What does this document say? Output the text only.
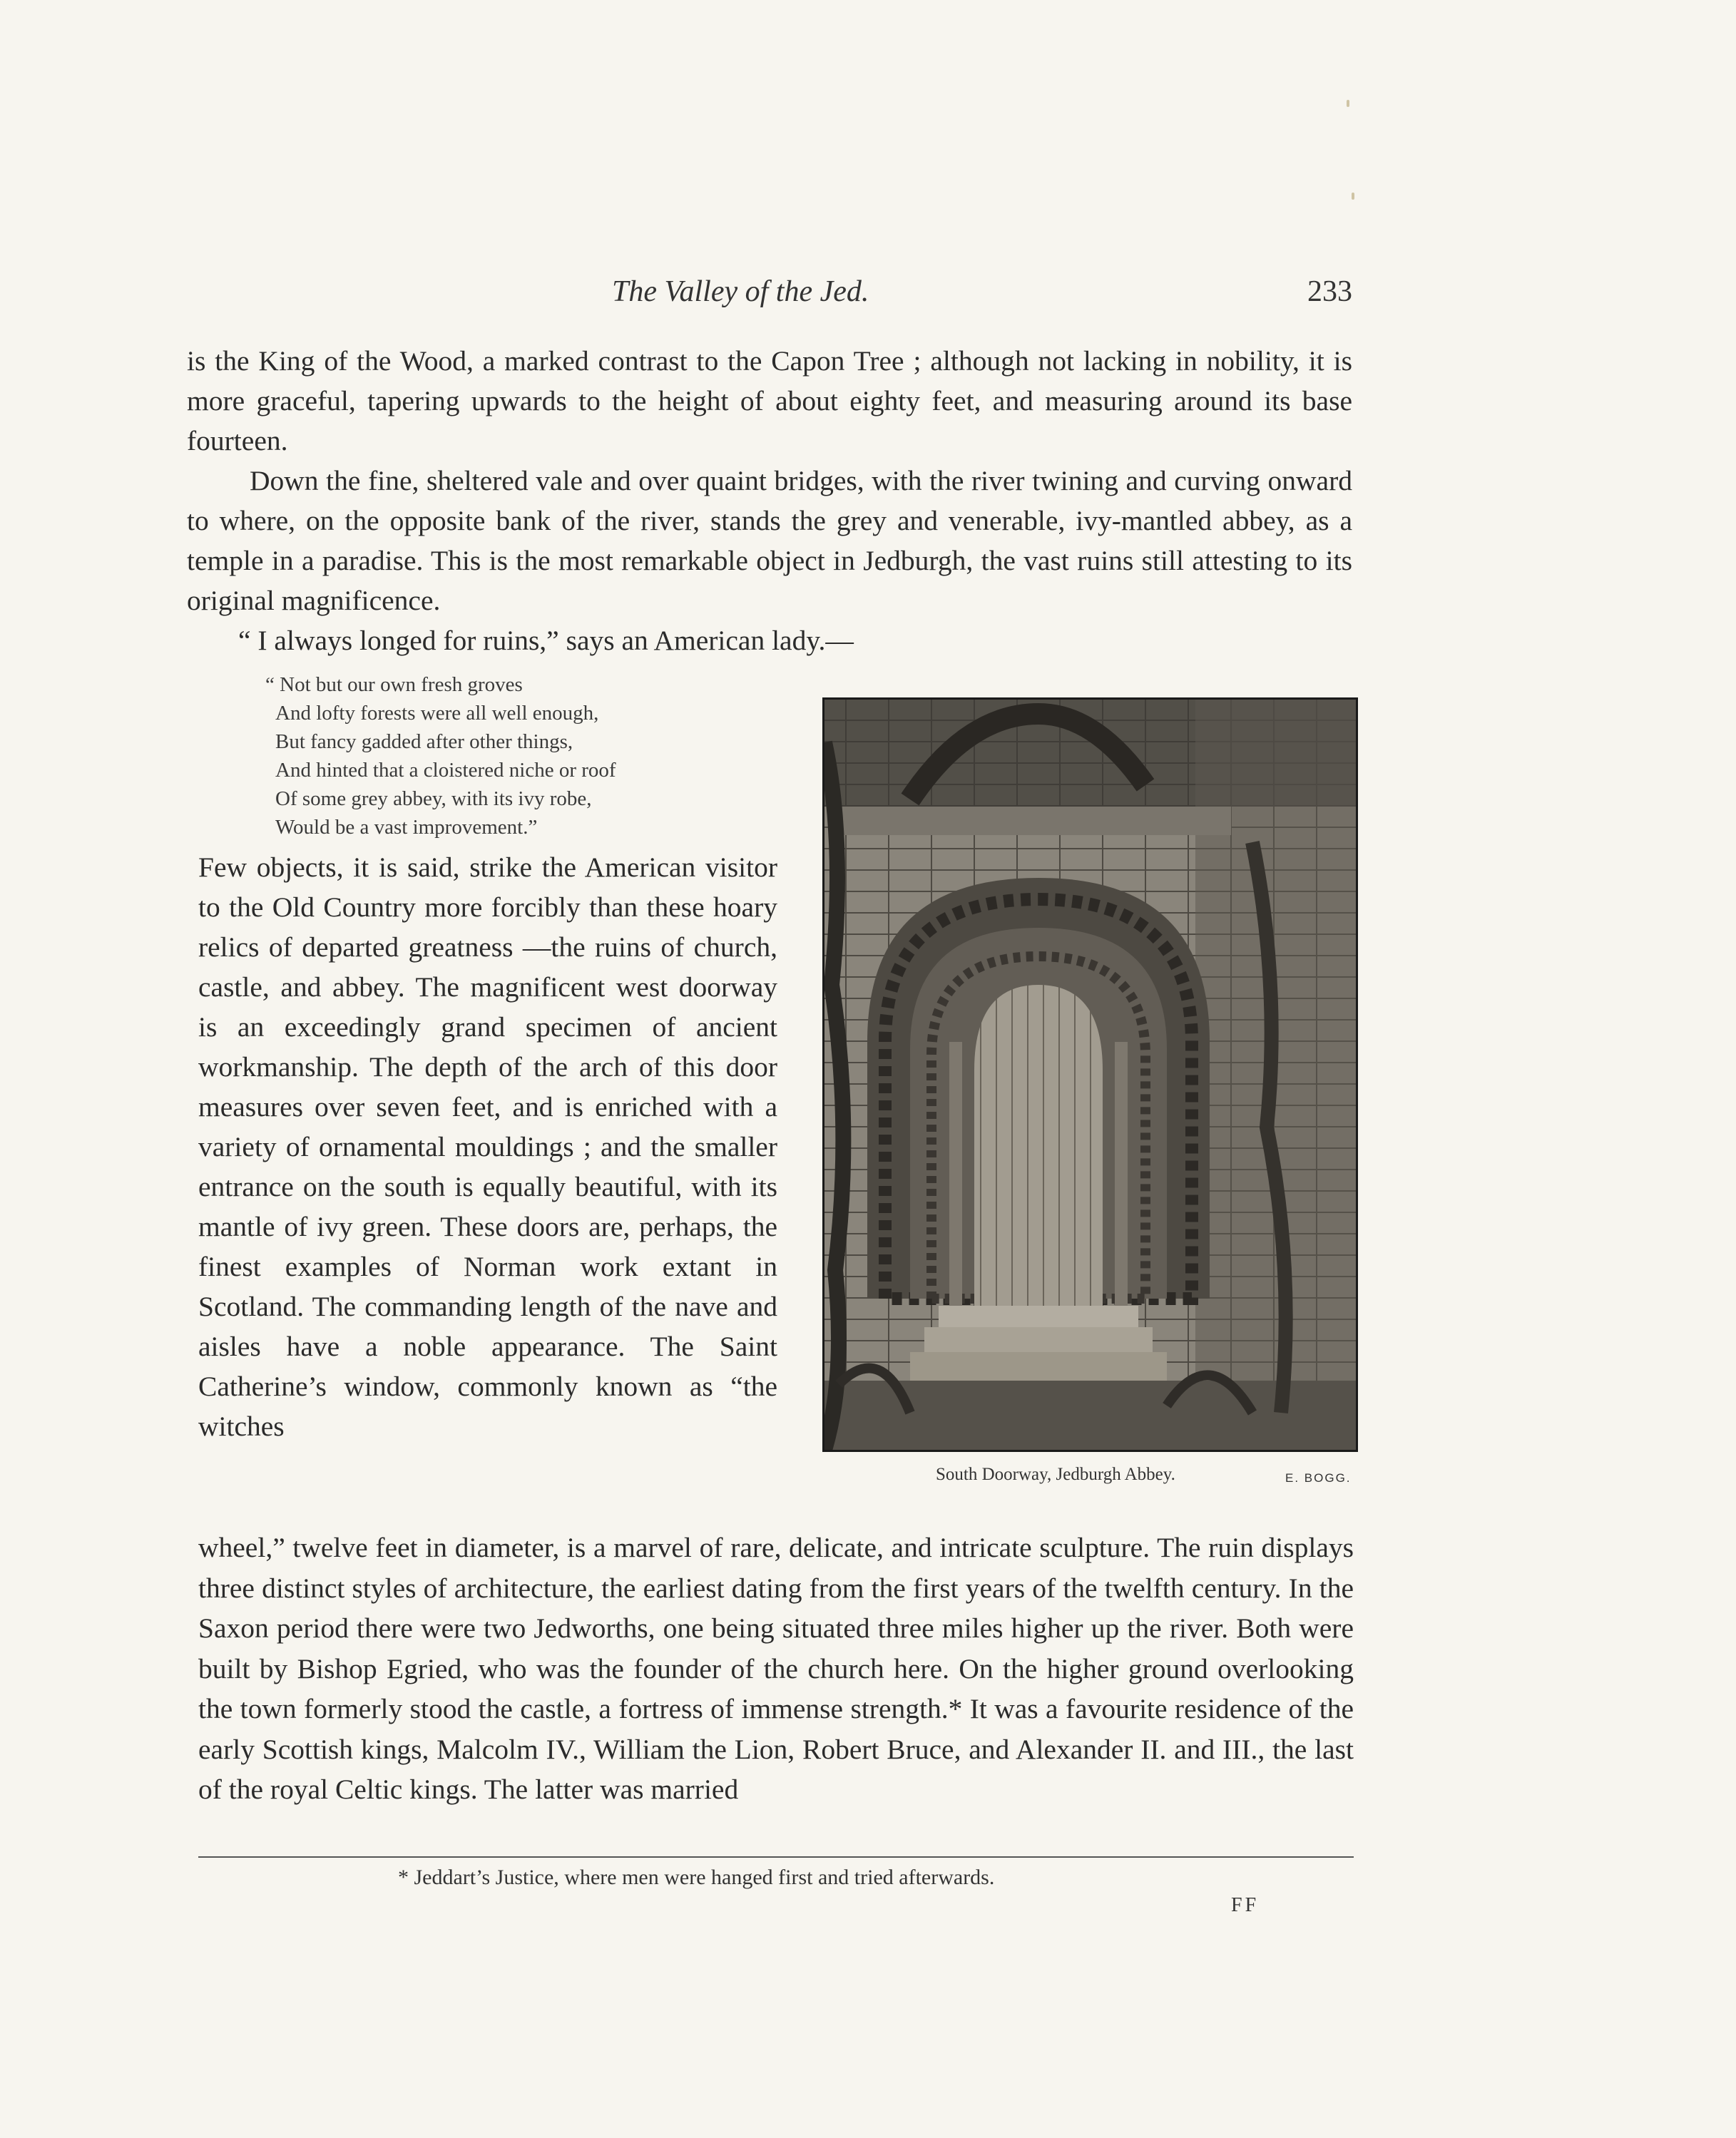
The Valley of the Jed.	233

is the King of the Wood, a marked contrast to the Capon Tree ; although not lacking in nobility, it is more graceful, tapering upwards to the height of about eighty feet, and measuring around its base fourteen.

Down the fine, sheltered vale and over quaint bridges, with the river twining and curving onward to where, on the opposite bank of the river, stands the grey and venerable, ivy-mantled abbey, as a temple in a paradise. This is the most remarkable object in Jedburgh, the vast ruins still attesting to its original magnificence.

“ I always longed for ruins,” says an American lady.—

“ Not but our own fresh groves
And lofty forests were all well enough,
But fancy gadded after other things,
And hinted that a cloistered niche or roof
Of some grey abbey, with its ivy robe,
Would be a vast improvement.”

Few objects, it is said, strike the American visitor to the Old Country more forcibly than these hoary relics of departed greatness —the ruins of church, castle, and abbey. The magnificent west doorway is an exceedingly grand specimen of ancient workmanship. The depth of the arch of this door measures over seven feet, and is enriched with a variety of ornamental mouldings ; and the smaller entrance on the south is equally beautiful, with its mantle of ivy green. These doors are, perhaps, the finest examples of Norman work extant in Scotland. The commanding length of the nave and aisles have a noble appearance. The Saint Catherine’s window, commonly known as “the witches

South Doorway, Jedburgh Abbey.	E. BOGG.

wheel,” twelve feet in diameter, is a marvel of rare, delicate, and intricate sculpture. The ruin displays three distinct styles of architecture, the earliest dating from the first years of the twelfth century. In the Saxon period there were two Jedworths, one being situated three miles higher up the river. Both were built by Bishop Egried, who was the founder of the church here. On the higher ground overlooking the town formerly stood the castle, a fortress of immense strength.* It was a favourite residence of the early Scottish kings, Malcolm IV., William the Lion, Robert Bruce, and Alexander II. and III., the last of the royal Celtic kings. The latter was married

* Jeddart’s Justice, where men were hanged first and tried afterwards.
FF
